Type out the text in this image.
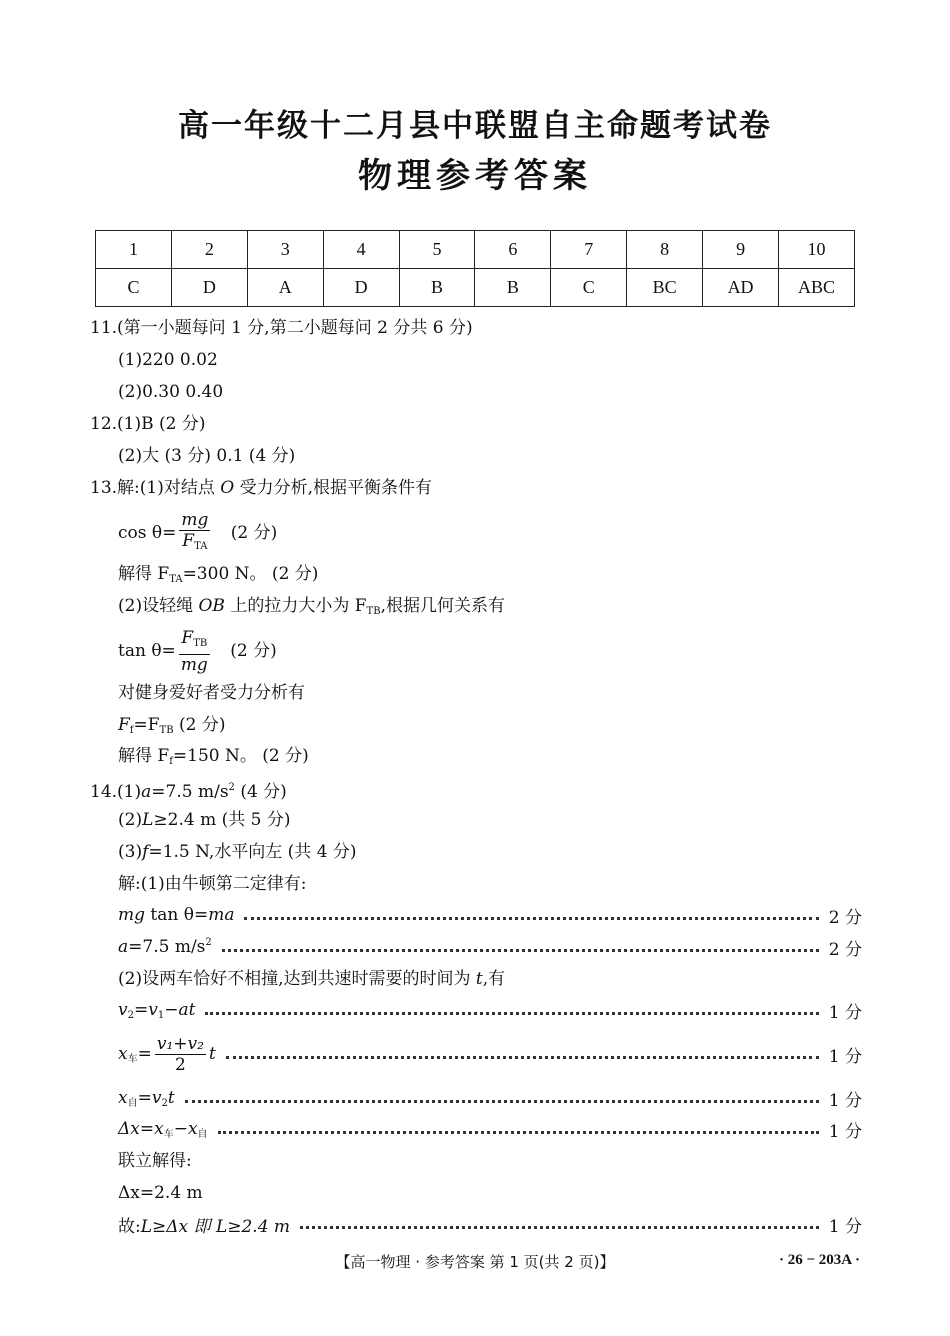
高一年级十二月县中联盟自主命题考试卷
物理参考答案
1	2	3	4	5	6	7	8	9	10
C	D	A	D	B	B	C	BC	AD	ABC
11.(第一小题每问 1 分,第二小题每问 2 分共 6 分)
(1)220 0.02
(2)0.30 0.40
12.(1)B (2 分)
(2)大 (3 分) 0.1 (4 分)
13.解:(1)对结点 O 受力分析,根据平衡条件有
$\cos \theta= \frac{mg}{F_{TA}} (2$ 分)
解得 $F_{TA}=300$ N。 (2 分)
(2)设轻绳 OB 上的拉力大小为 $F_{TB}$,根据几何关系有
$\tan \theta= \frac{F_{TB}}{mg} (2$ 分)
对健身爱好者受力分析有
$F_f=F_{TB}$ (2 分)
解得 $F_f=150$ N。 (2 分)
14.(1)a=7.5 $m/s^2$ (4 分)
(2)L≥2.4 m (共 5 分)
(3)f=1.5 N,水平向左 (共 4 分)
解:(1)由牛顿第二定律有:
mg tan θ=ma	2 分
a=7.5 $m/s^2$	2 分
(2)设两车恰好不相撞,达到共速时需要的时间为 t,有
$v_2=v_1-at$	1 分
$x_车= \frac{\text{v₁+v₂}}{2}$ t	1 分
$x_自=v_2t$	1 分
$\Delta x=x_车-x_自$	1 分
联立解得:
Δx=2.4 m
故:L≥Δx 即 L≥2.4 m	1 分
【高一物理 · 参考答案 第 1 页(共 2 页)】	· 26 − 203A ·
